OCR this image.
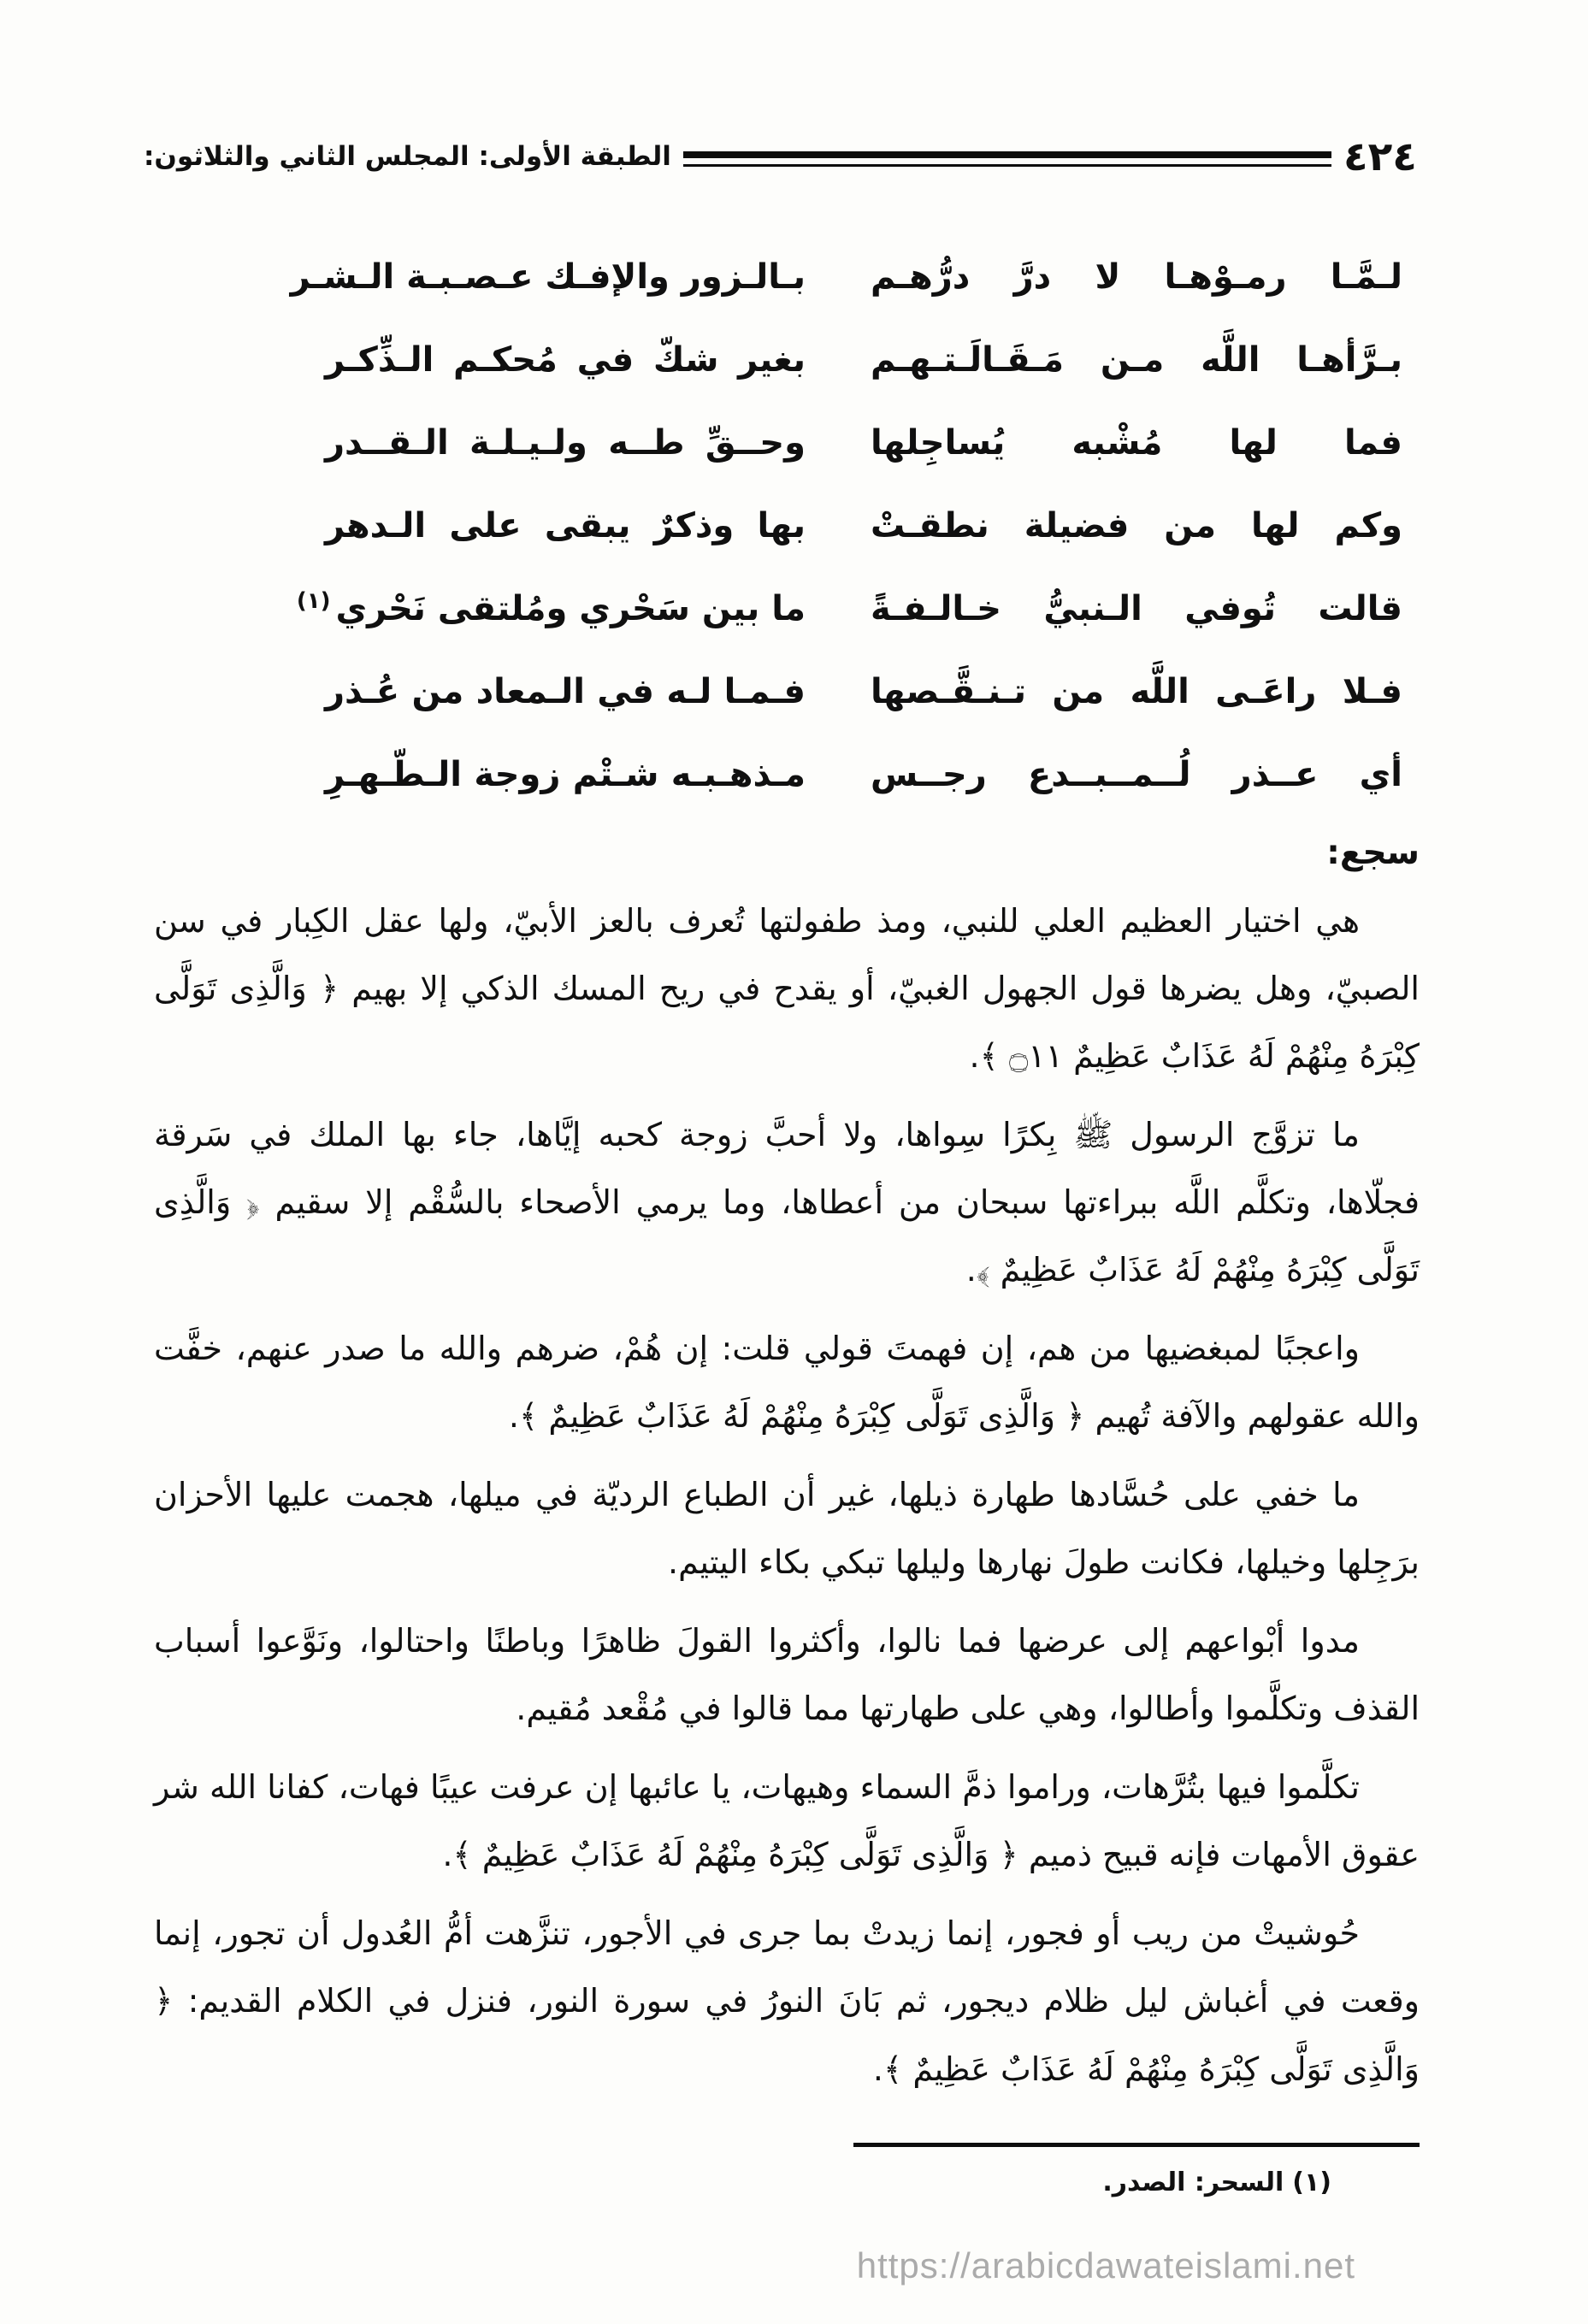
٤٢٤
الطبقة الأولى: المجلس الثاني والثلاثون:
لـمَّـا رمـوْهـا لا درَّ درُّهـم
بـالـزور والإفـك عـصـبـة الـشـر
بـرَّأهـا اللَّه مـن مَـقَـالَـتـهـم
بغير شكّ في مُحكـم الـذِّكـر
فما لها مُشْبه يُساجِلها
وحــقِّ طــه ولـيـلـة الـقــدر
وكم لها من فضيلة نطقـتْ
بها وذكرٌ يبقى على الـدهر
قالت تُوفي الـنبيُّ خـالـفـةً
ما بين سَحْري ومُلتقى نَحْري$^{(١)}$
فـلا راعَـى اللَّه من تـنـقَّـصها
فـمـا لـه في الـمعاد من عُـذر
أي عــذر لُــمــبــدع رجــس
مـذهـبـه شـتْم زوجة الـطّـهـرِ
سجع:

هي اختيار العظيم العلي للنبي، ومذ طفولتها تُعرف بالعز الأبيّ، ولها عقل الكِبار في سن الصبيّ، وهل يضرها قول الجهول الغبيّ، أو يقدح في ريح المسك الذكي إلا بهيم ﴿ وَالَّذِى تَوَلَّى كِبْرَهُ مِنْهُمْ لَهُ عَذَابٌ عَظِيمٌ ۝١١ ﴾.

ما تزوَّج الرسول ﷺ بِكرًا سِواها، ولا أحبَّ زوجة كحبه إيَّاها، جاء بها الملك في سَرقة فجلّاها، وتكلَّم اللَّه ببراءتها سبحان من أعطاها، وما يرمي الأصحاء بالسُّقْم إلا سقيم ﴿ وَالَّذِى تَوَلَّى كِبْرَهُ مِنْهُمْ لَهُ عَذَابٌ عَظِيمٌ ﴾.

واعجبًا لمبغضيها من هم، إن فهمتَ قولي قلت: إن هُمْ، ضرهم والله ما صدر عنهم، خفَّت والله عقولهم والآفة تُهيم ﴿ وَالَّذِى تَوَلَّى كِبْرَهُ مِنْهُمْ لَهُ عَذَابٌ عَظِيمٌ ﴾.

ما خفي على حُسَّادها طهارة ذيلها، غير أن الطباع الرديّة في ميلها، هجمت عليها الأحزان برَجِلها وخيلها، فكانت طولَ نهارها وليلها تبكي بكاء اليتيم.

مدوا أبْواعهم إلى عرضها فما نالوا، وأكثروا القولَ ظاهرًا وباطنًا واحتالوا، ونَوَّعوا أسباب القذف وتكلَّموا وأطالوا، وهي على طهارتها مما قالوا في مُقْعد مُقيم.

تكلَّموا فيها بتُرَّهات، وراموا ذمَّ السماء وهيهات، يا عائبها إن عرفت عيبًا فهات، كفانا الله شر عقوق الأمهات فإنه قبيح ذميم ﴿ وَالَّذِى تَوَلَّى كِبْرَهُ مِنْهُمْ لَهُ عَذَابٌ عَظِيمٌ ﴾.

حُوشيتْ من ريب أو فجور، إنما زيدتْ بما جرى في الأجور، تنزَّهت أمُّ العُدول أن تجور، إنما وقعت في أغباش ليل ظلام ديجور، ثم بَانَ النورُ في سورة النور، فنزل في الكلام القديم: ﴿ وَالَّذِى تَوَلَّى كِبْرَهُ مِنْهُمْ لَهُ عَذَابٌ عَظِيمٌ ﴾.

(١)السحر: الصدر.
https://arabicdawateislami.net
